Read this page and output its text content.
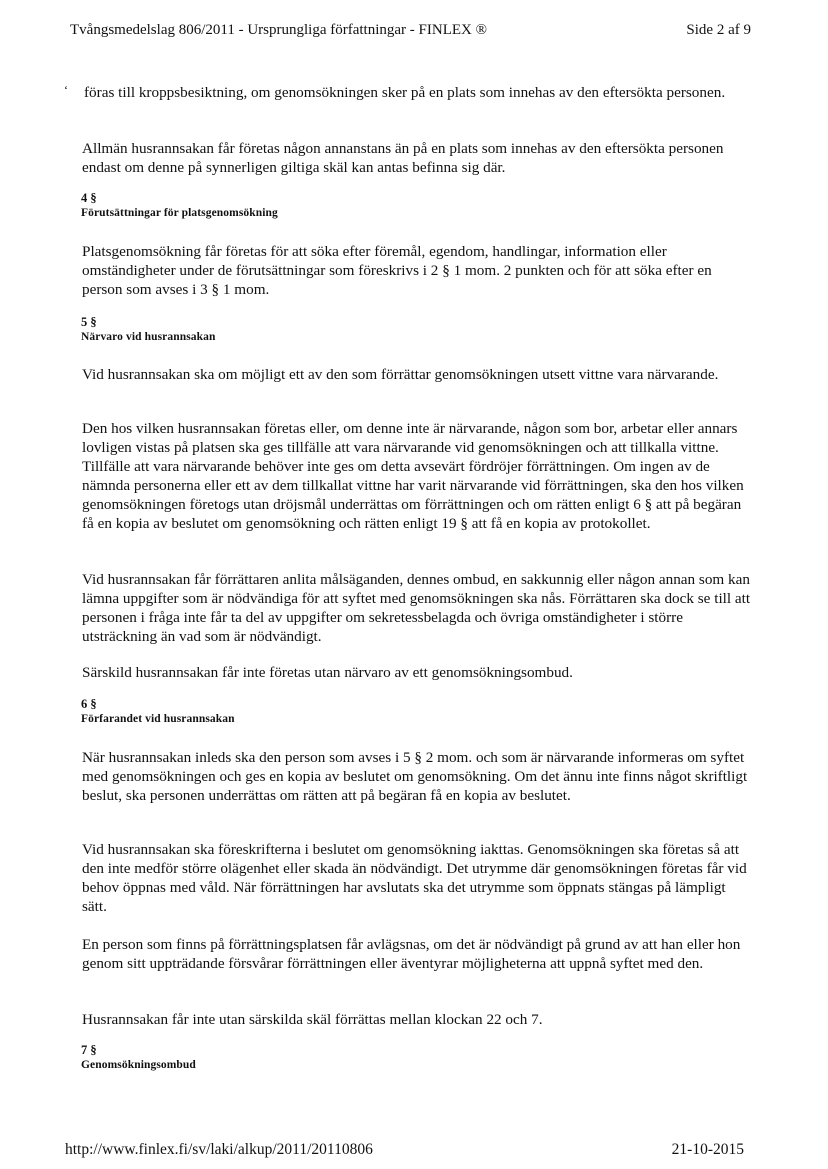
Tvångsmedelslag 806/2011 - Ursprungliga författningar - FINLEX ®	Side 2 af 9
‘ föras till kroppsbesiktning, om genomsökningen sker på en plats som innehas av den eftersökta personen.
Allmän husrannsakan får företas någon annanstans än på en plats som innehas av den eftersökta personen endast om denne på synnerligen giltiga skäl kan antas befinna sig där.
4 §
Förutsättningar för platsgenomsökning
Platsgenomsökning får företas för att söka efter föremål, egendom, handlingar, information eller omständigheter under de förutsättningar som föreskrivs i 2 § 1 mom. 2 punkten och för att söka efter en person som avses i 3 § 1 mom.
5 §
Närvaro vid husrannsakan
Vid husrannsakan ska om möjligt ett av den som förrättar genomsökningen utsett vittne vara närvarande.
Den hos vilken husrannsakan företas eller, om denne inte är närvarande, någon som bor, arbetar eller annars lovligen vistas på platsen ska ges tillfälle att vara närvarande vid genomsökningen och att tillkalla vittne. Tillfälle att vara närvarande behöver inte ges om detta avsevärt fördröjer förrättningen. Om ingen av de nämnda personerna eller ett av dem tillkallat vittne har varit närvarande vid förrättningen, ska den hos vilken genomsökningen företogs utan dröjsmål underrättas om förrättningen och om rätten enligt 6 § att på begäran få en kopia av beslutet om genomsökning och rätten enligt 19 § att få en kopia av protokollet.
Vid husrannsakan får förrättaren anlita målsäganden, dennes ombud, en sakkunnig eller någon annan som kan lämna uppgifter som är nödvändiga för att syftet med genomsökningen ska nås. Förrättaren ska dock se till att personen i fråga inte får ta del av uppgifter om sekretessbelagda och övriga omständigheter i större utsträckning än vad som är nödvändigt.
Särskild husrannsakan får inte företas utan närvaro av ett genomsökningsombud.
6 §
Förfarandet vid husrannsakan
När husrannsakan inleds ska den person som avses i 5 § 2 mom. och som är närvarande informeras om syftet med genomsökningen och ges en kopia av beslutet om genomsökning. Om det ännu inte finns något skriftligt beslut, ska personen underrättas om rätten att på begäran få en kopia av beslutet.
Vid husrannsakan ska föreskrifterna i beslutet om genomsökning iakttas. Genomsökningen ska företas så att den inte medför större olägenhet eller skada än nödvändigt. Det utrymme där genomsökningen företas får vid behov öppnas med våld. När förrättningen har avslutats ska det utrymme som öppnats stängas på lämpligt sätt.
En person som finns på förrättningsplatsen får avlägsnas, om det är nödvändigt på grund av att han eller hon genom sitt uppträdande försvårar förrättningen eller äventyrar möjligheterna att uppnå syftet med den.
Husrannsakan får inte utan särskilda skäl förrättas mellan klockan 22 och 7.
7 §
Genomsökningsombud
http://www.finlex.fi/sv/laki/alkup/2011/20110806	21-10-2015
